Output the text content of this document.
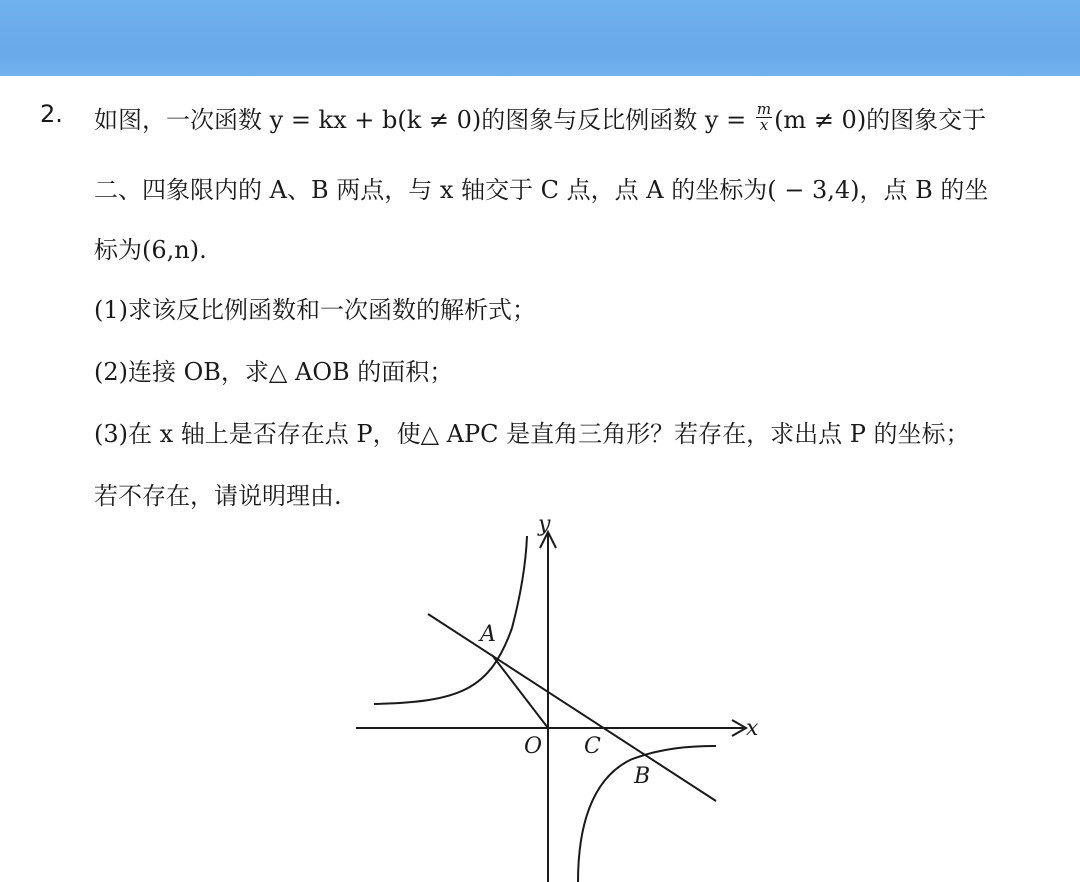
2. 如图，一次函数 y = kx + b(k ≠ 0)的图象与反比例函数 $y = \frac{m}{x} (m \ne 0)$的图象交于
二、四象限内的 A、B 两点，与 x 轴交于 C 点，点 A 的坐标为( − 3,4)，点 B 的坐
标为(6,n).
(1)求该反比例函数和一次函数的解析式；
(2)连接 OB，求△ AOB 的面积；
(3)在 x 轴上是否存在点 P，使△ APC 是直角三角形？若存在，求出点 P 的坐标；
若不存在，请说明理由.
y
x
A
B
C
O
